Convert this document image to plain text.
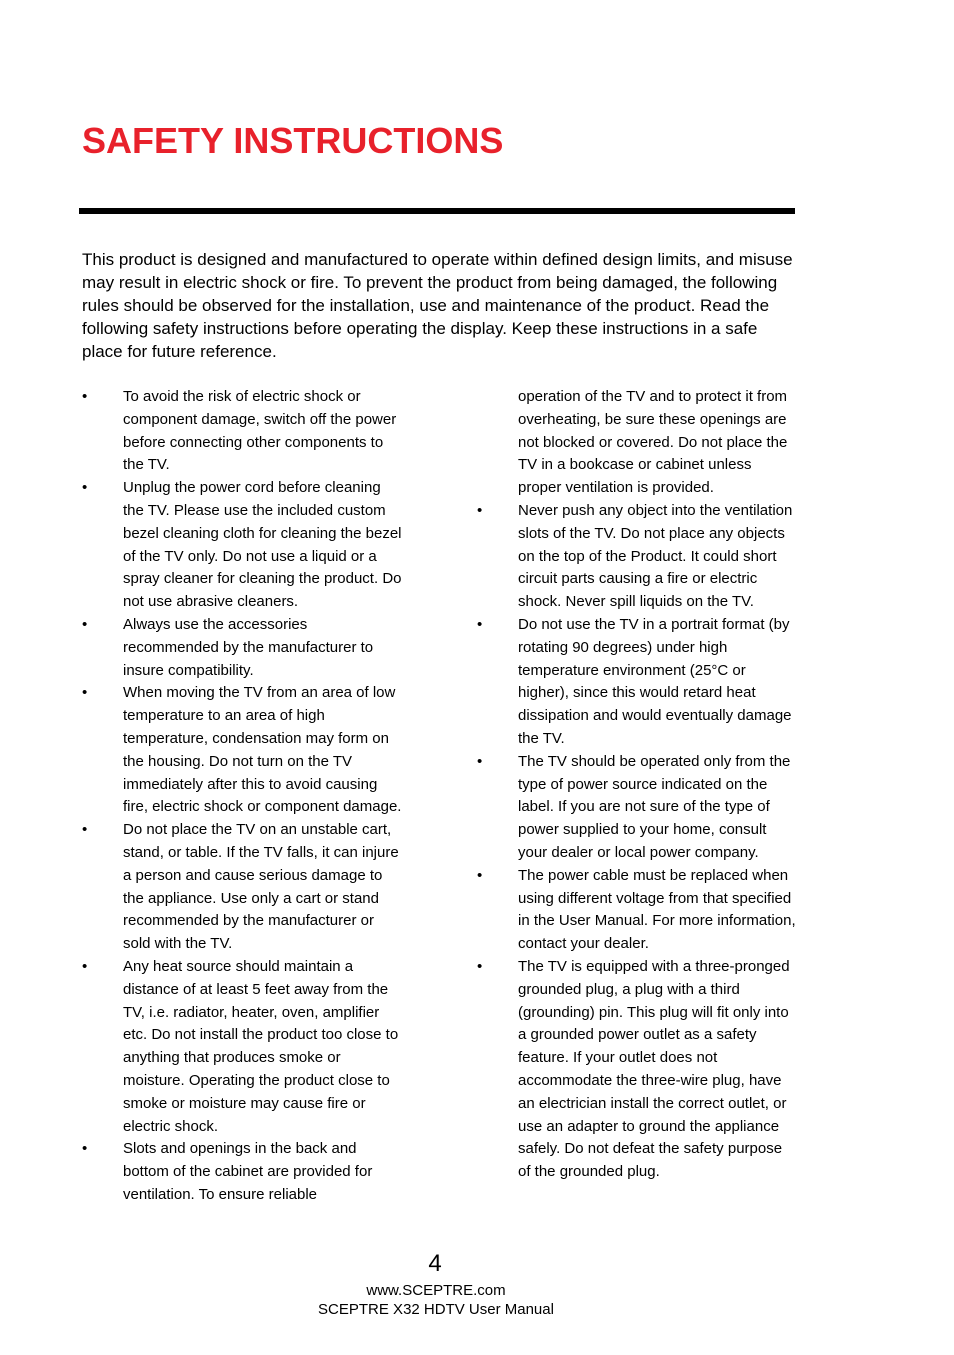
SAFETY INSTRUCTIONS

This product is designed and manufactured to operate within defined design limits, and misuse may result in electric shock or fire. To prevent the product from being damaged, the following rules should be observed for the installation, use and maintenance of the product. Read the following safety instructions before operating the display. Keep these instructions in a safe place for future reference.

•	To avoid the risk of electric shock or component damage, switch off the power before connecting other components to the TV.
•	Unplug the power cord before cleaning the TV. Please use the included custom bezel cleaning cloth for cleaning the bezel of the TV only. Do not use a liquid or a spray cleaner for cleaning the product. Do not use abrasive cleaners.
•	Always use the accessories recommended by the manufacturer to insure compatibility.
•	When moving the TV from an area of low temperature to an area of high temperature, condensation may form on the housing. Do not turn on the TV immediately after this to avoid causing fire, electric shock or component damage.
•	Do not place the TV on an unstable cart, stand, or table. If the TV falls, it can injure a person and cause serious damage to the appliance. Use only a cart or stand recommended by the manufacturer or sold with the TV.
•	Any heat source should maintain a distance of at least 5 feet away from the TV, i.e. radiator, heater, oven, amplifier etc. Do not install the product too close to anything that produces smoke or moisture. Operating the product close to smoke or moisture may cause fire or electric shock.
•	Slots and openings in the back and bottom of the cabinet are provided for ventilation. To ensure reliable
operation of the TV and to protect it from overheating, be sure these openings are not blocked or covered. Do not place the TV in a bookcase or cabinet unless proper ventilation is provided.
•	Never push any object into the ventilation slots of the TV. Do not place any objects on the top of the Product. It could short circuit parts causing a fire or electric shock. Never spill liquids on the TV.
•	Do not use the TV in a portrait format (by rotating 90 degrees) under high temperature environment (25°C or higher), since this would retard heat dissipation and would eventually damage the TV.
•	The TV should be operated only from the type of power source indicated on the label. If you are not sure of the type of power supplied to your home, consult your dealer or local power company.
•	The power cable must be replaced when using different voltage from that specified in the User Manual. For more information, contact your dealer.
•	The TV is equipped with a three-pronged grounded plug, a plug with a third (grounding) pin. This plug will fit only into a grounded power outlet as a safety feature. If your outlet does not accommodate the three-wire plug, have an electrician install the correct outlet, or use an adapter to ground the appliance safely. Do not defeat the safety purpose of the grounded plug.
4
www.SCEPTRE.com
SCEPTRE X32 HDTV User Manual
